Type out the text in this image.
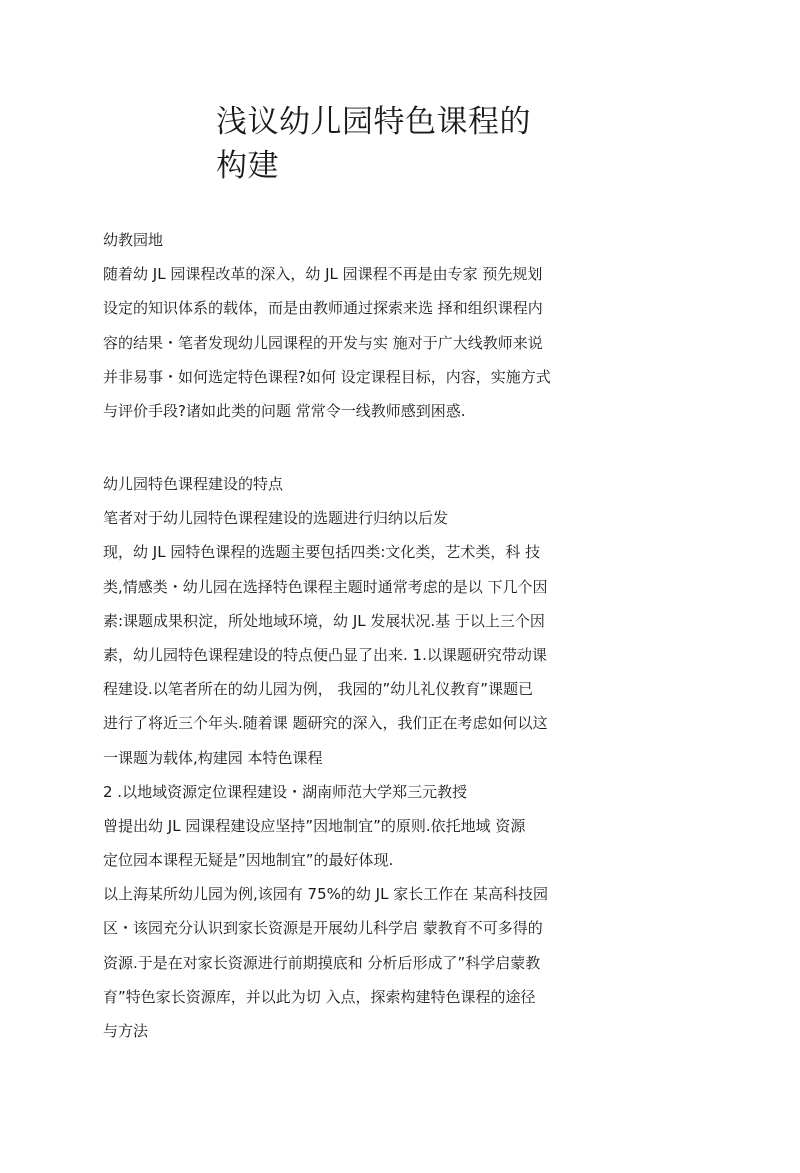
浅议幼儿园特色课程的
构建
幼教园地
随着幼 JL 园课程改革的深入，幼 JL 园课程不再是由专家 预先规划
设定的知识体系的载体，而是由教师通过探索来选 择和组织课程内
容的结果・笔者发现幼儿园课程的开发与实 施对于广大线教师来说
并非易事・如何选定特色课程?如何 设定课程目标，内容，实施方式
与评价手段?诸如此类的问题 常常令一线教师感到困惑.
幼儿园特色课程建设的特点
笔者对于幼儿园特色课程建设的选题进行归纳以后发
现，幼 JL 园特色课程的选题主要包括四类:文化类，艺术类，科 技
类,情感类・幼儿园在选择特色课程主题时通常考虑的是以 下几个因
素:课题成果积淀，所处地域环境，幼 JL 发展状况.基 于以上三个因
素，幼儿园特色课程建设的特点便凸显了出来. 1.以课题研究带动课
程建设.以笔者所在的幼儿园为例， 我园的”幼儿礼仪教育”课题已
进行了将近三个年头.随着课 题研究的深入，我们正在考虑如何以这
一课题为载体,构建园 本特色课程
2 .以地域资源定位课程建设・湖南师范大学郑三元教授
曾提出幼 JL 园课程建设应坚持”因地制宜”的原则.依托地域 资源
定位园本课程无疑是”因地制宜”的最好体现.
以上海某所幼儿园为例,该园有 75%的幼 JL 家长工作在 某高科技园
区・该园充分认识到家长资源是开展幼儿科学启 蒙教育不可多得的
资源.于是在对家长资源进行前期摸底和 分析后形成了”科学启蒙教
育”特色家长资源库，并以此为切 入点，探索构建特色课程的途径
与方法
